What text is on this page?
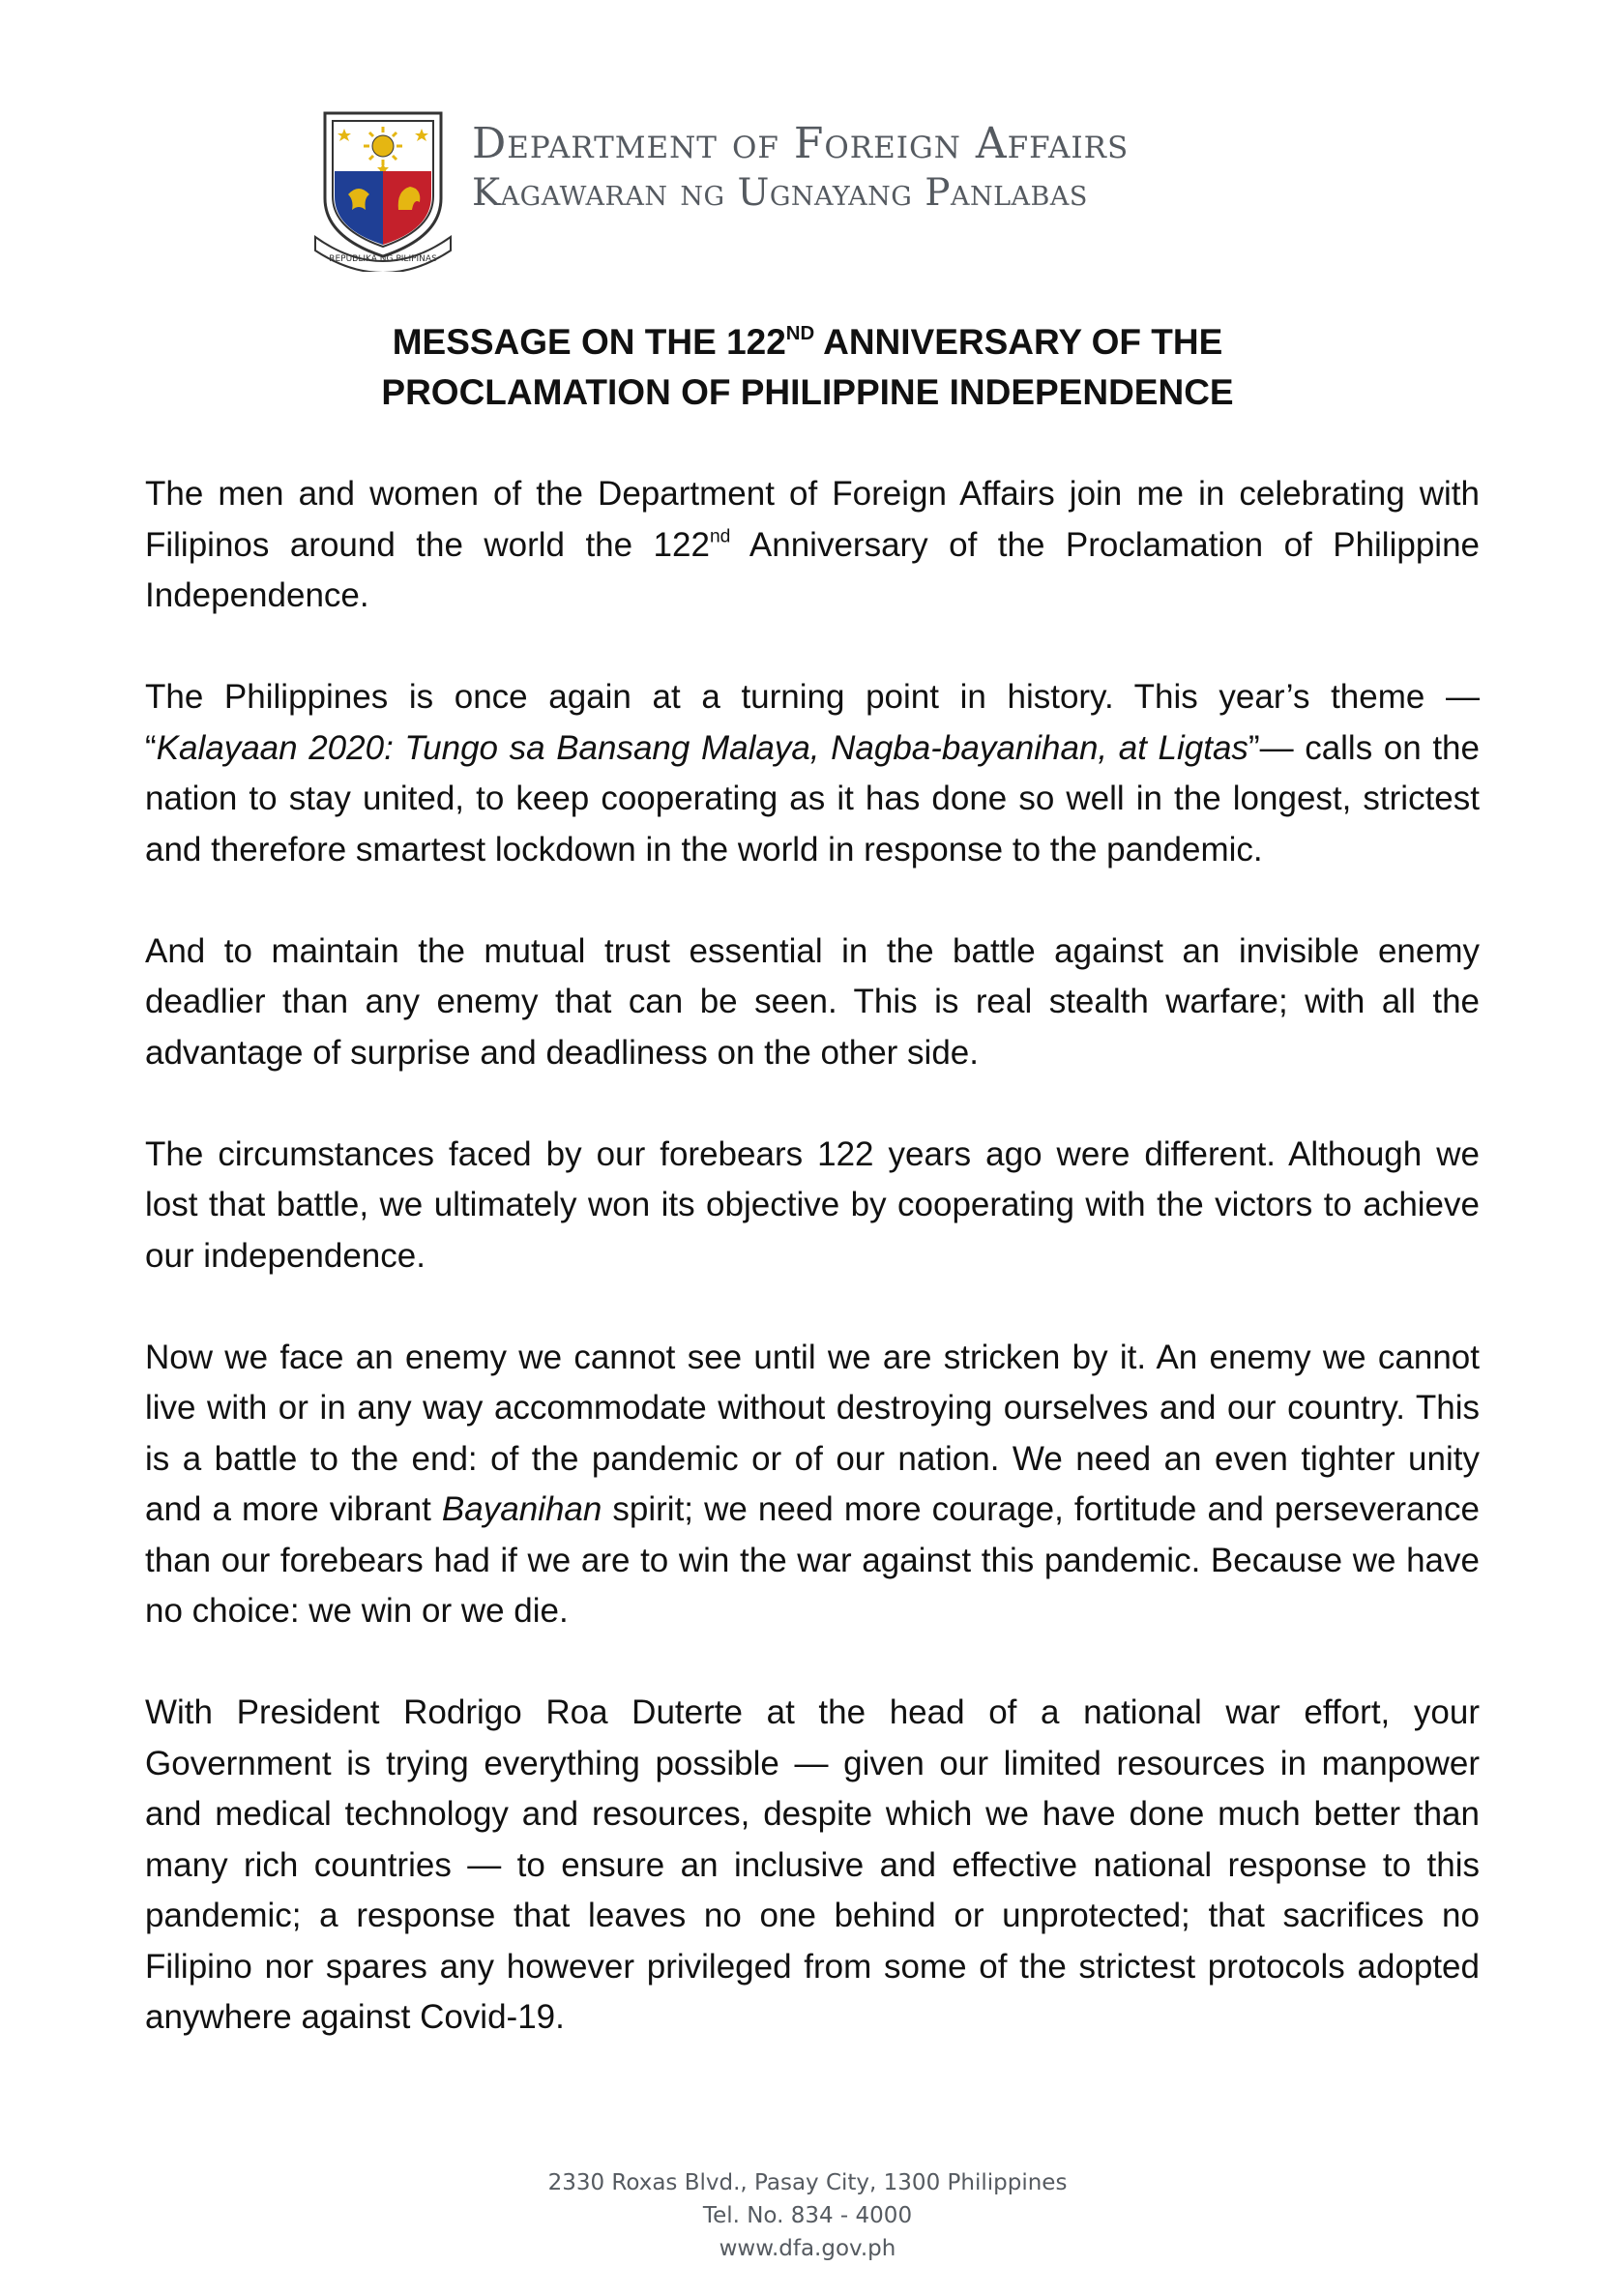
REPUBLIKA NG PILIPINAS
Department of Foreign Affairs
Kagawaran ng Ugnayang Panlabas
MESSAGE ON THE 122ND ANNIVERSARY OF THE
PROCLAMATION OF PHILIPPINE INDEPENDENCE

The men and women of the Department of Foreign Affairs join me in celebrating with Filipinos around the world the 122nd Anniversary of the Proclamation of Philippine Independence.

The Philippines is once again at a turning point in history. This year’s theme — “Kalayaan 2020: Tungo sa Bansang Malaya, Nagba-bayanihan, at Ligtas”— calls on the nation to stay united, to keep cooperating as it has done so well in the longest, strictest and therefore smartest lockdown in the world in response to the pandemic.

And to maintain the mutual trust essential in the battle against an invisible enemy deadlier than any enemy that can be seen. This is real stealth warfare; with all the advantage of surprise and deadliness on the other side.

The circumstances faced by our forebears 122 years ago were different. Although we lost that battle, we ultimately won its objective by cooperating with the victors to achieve our independence.

Now we face an enemy we cannot see until we are stricken by it. An enemy we cannot live with or in any way accommodate without destroying ourselves and our country. This is a battle to the end: of the pandemic or of our nation. We need an even tighter unity and a more vibrant Bayanihan spirit; we need more courage, fortitude and perseverance than our forebears had if we are to win the war against this pandemic. Because we have no choice: we win or we die.

With President Rodrigo Roa Duterte at the head of a national war effort, your Government is trying everything possible — given our limited resources in manpower and medical technology and resources, despite which we have done much better than many rich countries — to ensure an inclusive and effective national response to this pandemic; a response that leaves no one behind or unprotected; that sacrifices no Filipino nor spares any however privileged from some of the strictest protocols adopted anywhere against Covid-19.

2330 Roxas Blvd., Pasay City, 1300 Philippines
Tel. No. 834 - 4000
www.dfa.gov.ph
